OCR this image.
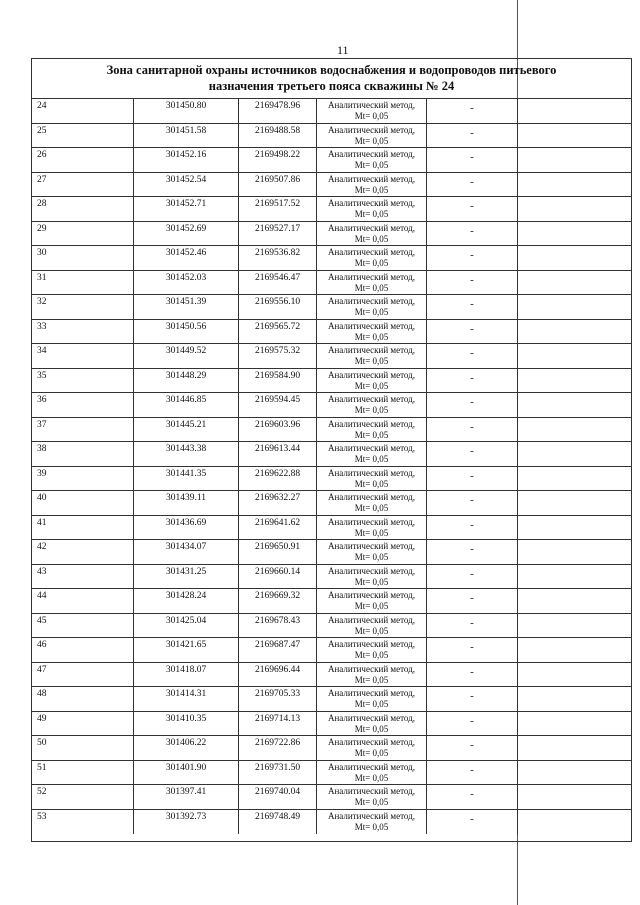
11
Зона санитарной охраны источников водоснабжения и водопроводов питьевого
назначения третьего пояса скважины № 24
24	301450.80	2169478.96	Аналитический метод,
Mt= 0,05
-
25	301451.58	2169488.58	Аналитический метод,
Mt= 0,05
-
26	301452.16	2169498.22	Аналитический метод,
Mt= 0,05
-
27	301452.54	2169507.86	Аналитический метод,
Mt= 0,05
-
28	301452.71	2169517.52	Аналитический метод,
Mt= 0,05
-
29	301452.69	2169527.17	Аналитический метод,
Mt= 0,05
-
30	301452.46	2169536.82	Аналитический метод,
Mt= 0,05
-
31	301452.03	2169546.47	Аналитический метод,
Mt= 0,05
-
32	301451.39	2169556.10	Аналитический метод,
Mt= 0,05
-
33	301450.56	2169565.72	Аналитический метод,
Mt= 0,05
-
34	301449.52	2169575.32	Аналитический метод,
Mt= 0,05
-
35	301448.29	2169584.90	Аналитический метод,
Mt= 0,05
-
36	301446.85	2169594.45	Аналитический метод,
Mt= 0,05
-
37	301445.21	2169603.96	Аналитический метод,
Mt= 0,05
-
38	301443.38	2169613.44	Аналитический метод,
Mt= 0,05
-
39	301441.35	2169622.88	Аналитический метод,
Mt= 0,05
-
40	301439.11	2169632.27	Аналитический метод,
Mt= 0,05
-
41	301436.69	2169641.62	Аналитический метод,
Mt= 0,05
-
42	301434.07	2169650.91	Аналитический метод,
Mt= 0,05
-
43	301431.25	2169660.14	Аналитический метод,
Mt= 0,05
-
44	301428.24	2169669.32	Аналитический метод,
Mt= 0,05
-
45	301425.04	2169678.43	Аналитический метод,
Mt= 0,05
-
46	301421.65	2169687.47	Аналитический метод,
Mt= 0,05
-
47	301418.07	2169696.44	Аналитический метод,
Mt= 0,05
-
48	301414.31	2169705.33	Аналитический метод,
Mt= 0,05
-
49	301410.35	2169714.13	Аналитический метод,
Mt= 0,05
-
50	301406.22	2169722.86	Аналитический метод,
Mt= 0,05
-
51	301401.90	2169731.50	Аналитический метод,
Mt= 0,05
-
52	301397.41	2169740.04	Аналитический метод,
Mt= 0,05
-
53	301392.73	2169748.49	Аналитический метод,
Mt= 0,05
-
